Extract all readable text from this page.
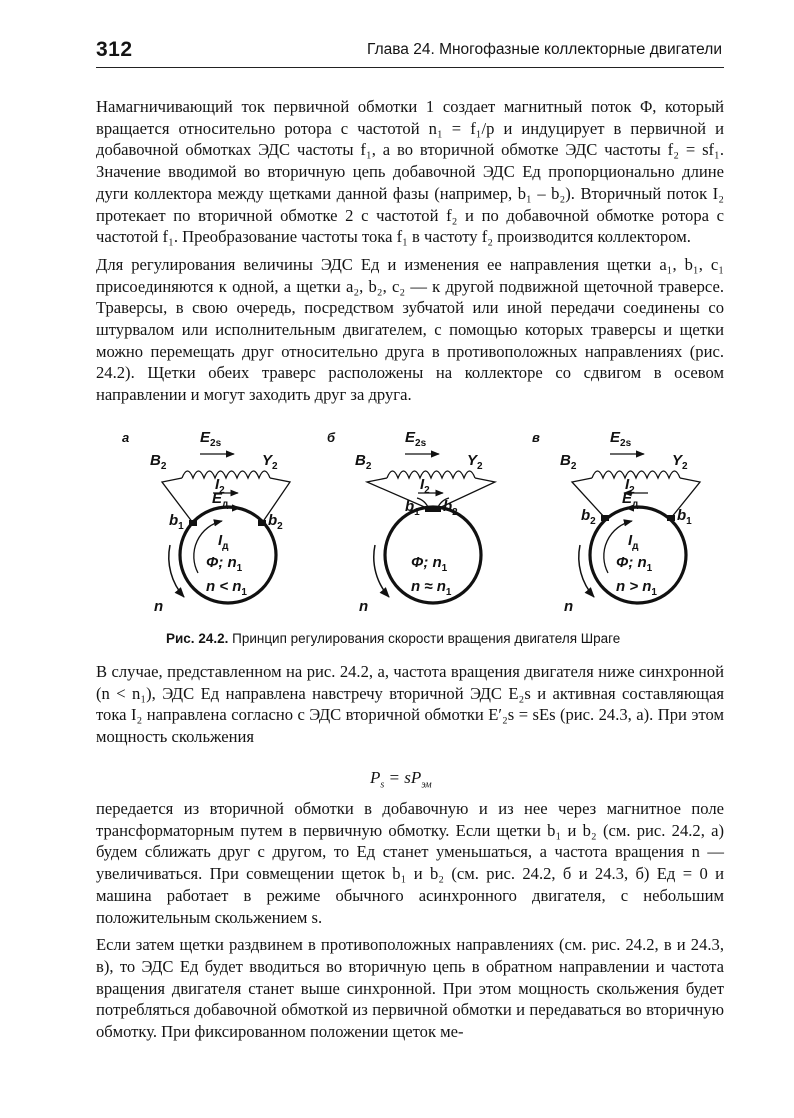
312	Глава 24. Многофазные коллекторные двигатели

Намагничивающий ток первичной обмотки 1 создает магнитный поток Φ, который вращается относительно ротора с частотой n₁ = f₁/p и индуцирует в первичной и добавочной обмотках ЭДС частоты f₁, а во вторичной обмотке ЭДС частоты f₂ = sf₁. Значение вводимой во вторичную цепь добавочной ЭДС Eд пропорционально длине дуги коллектора между щетками данной фазы (например, b₁ – b₂). Вторичный поток I₂ протекает по вторичной обмотке 2 с частотой f₂ и по добавочной обмотке ротора с частотой f₁. Преобразование частоты тока f₁ в частоту f₂ производится коллектором.

Для регулирования величины ЭДС Eд и изменения ее направления щетки a₁, b₁, c₁ присоединяются к одной, а щетки a₂, b₂, c₂ — к другой подвижной щеточной траверсе. Траверсы, в свою очередь, посредством зубчатой или иной передачи соединены со штурвалом или исполнительным двигателем, с помощью которых траверсы и щетки можно перемещать друг относительно друга в противоположных направлениях (рис. 24.2). Щетки обеих траверс расположены на коллекторе со сдвигом в осевом направлении и могут заходить друг за друга.

а	$E_{2s}$
$B_2$	$Y_2$
$I_2$
$E_д$
$b_1$	$b_2$
$I_д$
Φ; $n_1$
$n < n_1$
n
б	$E_{2s}$
$B_2$	$Y_2$
$I_2$
$b_1$ $b_2$
Φ; $n_1$
$n \approx n_1$
n
в	$E_{2s}$
$B_2$	$Y_2$
$I_2$
$E_д$
$b_2$	$b_1$
$I_д$
Φ; $n_1$
$n > n_1$
n
Рис. 24.2. Принцип регулирования скорости вращения двигателя Шраге

В случае, представленном на рис. 24.2, а, частота вращения двигателя ниже синхронной (n < n₁), ЭДС Eд направлена навстречу вторичной ЭДС E₂s и активная составляющая тока I₂ направлена согласно с ЭДС вторичной обмотки E′₂s = sEs (рис. 24.3, а). При этом мощность скольжения

$P_s = sP_{эм}$

передается из вторичной обмотки в добавочную и из нее через магнитное поле трансформаторным путем в первичную обмотку. Если щетки b₁ и b₂ (см. рис. 24.2, а) будем сближать друг с другом, то Eд станет уменьшаться, а частота вращения n — увеличиваться. При совмещении щеток b₁ и b₂ (см. рис. 24.2, б и 24.3, б) Eд = 0 и машина работает в режиме обычного асинхронного двигателя, с небольшим положительным скольжением s.

Если затем щетки раздвинем в противоположных направлениях (см. рис. 24.2, в и 24.3, в), то ЭДС Eд будет вводиться во вторичную цепь в обратном направлении и частота вращения двигателя станет выше синхронной. При этом мощность скольжения будет потребляться добавочной обмоткой из первичной обмотки и передаваться во вторичную обмотку. При фиксированном положении щеток ме-
